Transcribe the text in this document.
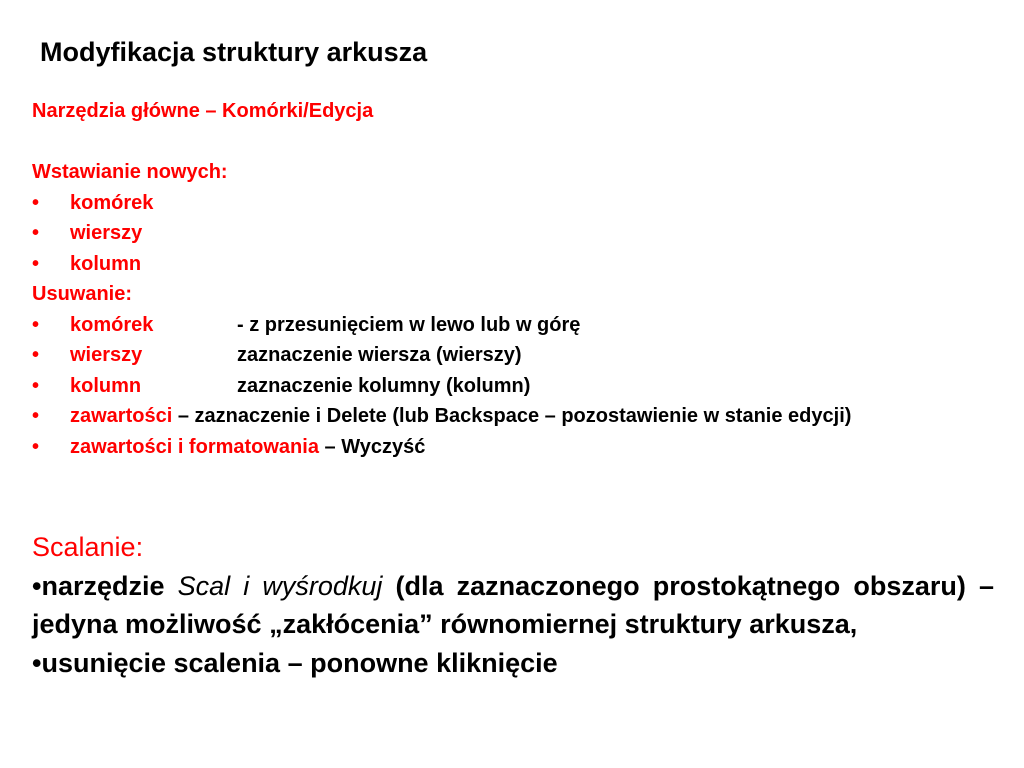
Modyfikacja struktury arkusza
Narzędzia główne – Komórki/Edycja
Wstawianie nowych:
•	komórek
•	wierszy
•	kolumn
Usuwanie:
•	komórek	- z przesunięciem w lewo lub w górę
•	wierszy	zaznaczenie wiersza (wierszy)
•	kolumn	zaznaczenie kolumny (kolumn)
•	zawartości – zaznaczenie i Delete (lub Backspace – pozostawienie w stanie edycji)
•	zawartości i formatowania – Wyczyść
Scalanie:
•narzędzie Scal i wyśrodkuj (dla zaznaczonego prostokątnego obszaru) – jedyna możliwość „zakłócenia” równomiernej struktury arkusza,
•usunięcie scalenia – ponowne kliknięcie
